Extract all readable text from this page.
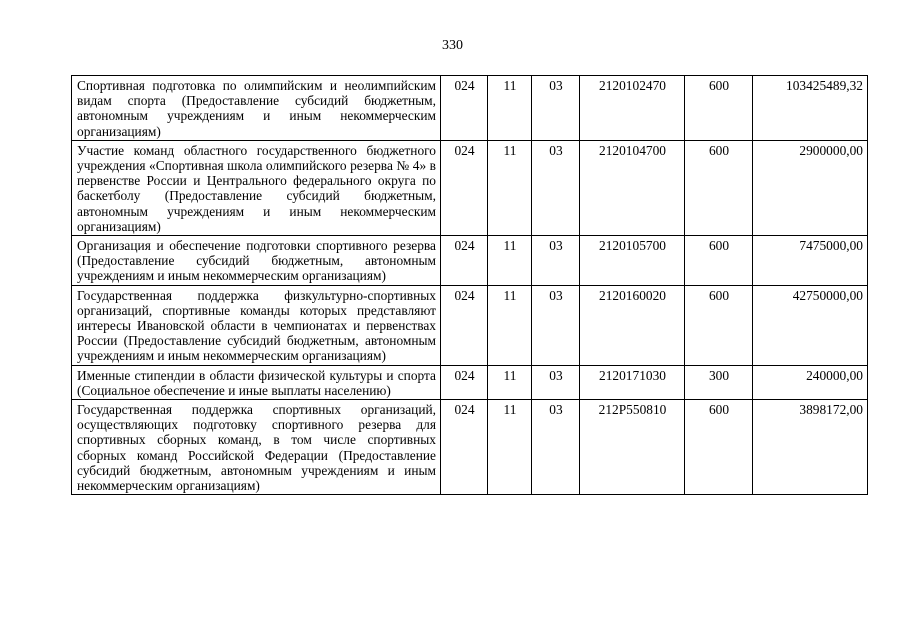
330
Спортивная подготовка по олимпийским и неолимпийским видам спорта (Предоставление субсидий бюджетным, автономным учреждениям и иным некоммерческим организациям)	024	11	03	2120102470	600	103425489,32
Участие команд областного государственного бюджетного учреждения «Спортивная школа олимпийского резерва № 4» в первенстве России и Центрального федерального округа по баскетболу (Предоставление субсидий бюджетным, автономным учреждениям и иным некоммерческим организациям)	024	11	03	2120104700	600	2900000,00
Организация и обеспечение подготовки спортивного резерва (Предоставление субсидий бюджетным, автономным учреждениям и иным некоммерческим организациям)	024	11	03	2120105700	600	7475000,00
Государственная поддержка физкультурно-спортивных организаций, спортивные команды которых представляют интересы Ивановской области в чемпионатах и первенствах России (Предоставление субсидий бюджетным, автономным учреждениям и иным некоммерческим организациям)	024	11	03	2120160020	600	42750000,00
Именные стипендии в области физической культуры и спорта (Социальное обеспечение и иные выплаты населению)	024	11	03	2120171030	300	240000,00
Государственная поддержка спортивных организаций, осуществляющих подготовку спортивного резерва для спортивных сборных команд, в том числе спортивных сборных команд Российской Федерации (Предоставление субсидий бюджетным, автономным учреждениям и иным некоммерческим организациям)	024	11	03	212P550810	600	3898172,00
